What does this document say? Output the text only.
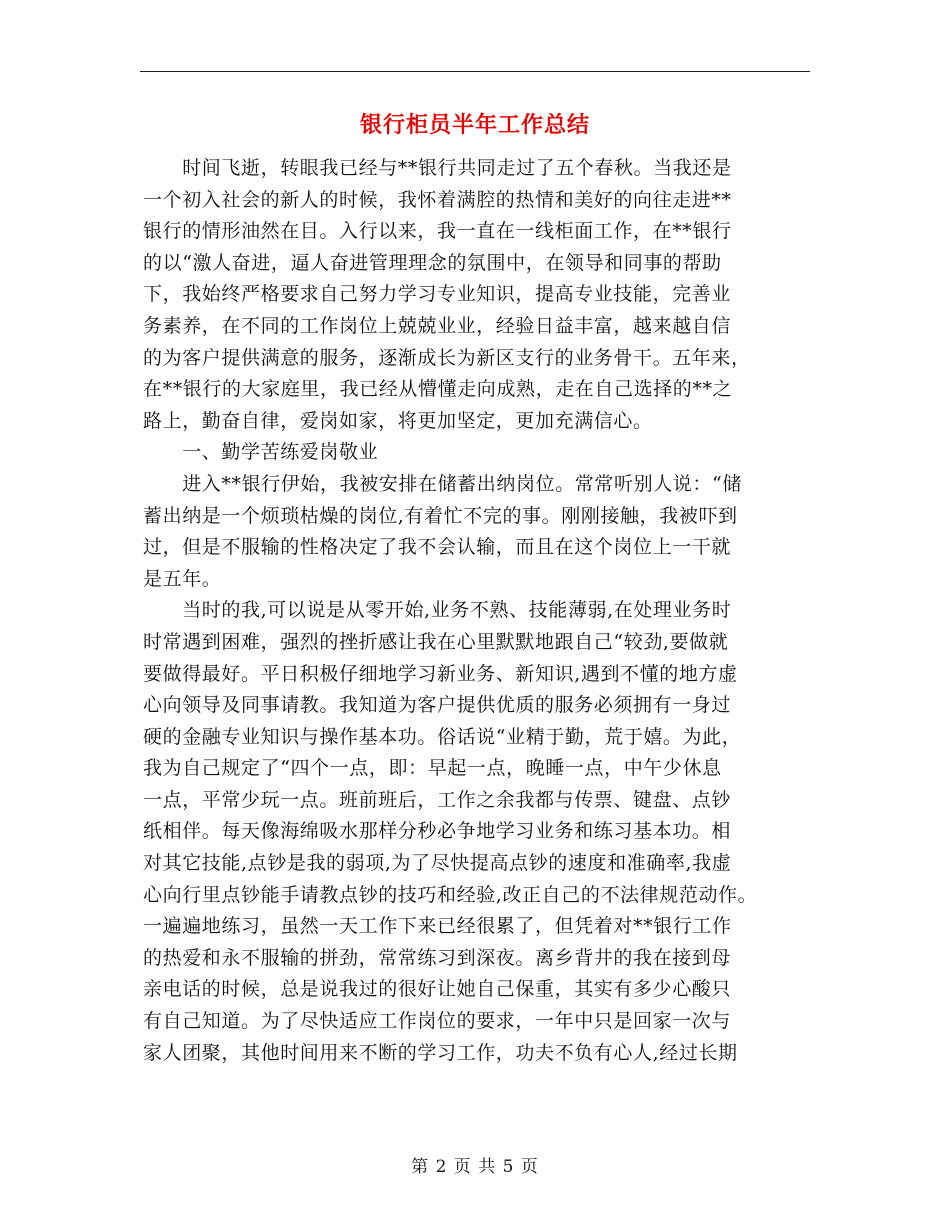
银行柜员半年工作总结
　　时间飞逝，转眼我已经与**银行共同走过了五个春秋。当我还是
一个初入社会的新人的时候，我怀着满腔的热情和美好的向往走进**
银行的情形油然在目。入行以来，我一直在一线柜面工作，在**银行
的以“激人奋进，逼人奋进管理理念的氛围中，在领导和同事的帮助
下，我始终严格要求自己努力学习专业知识，提高专业技能，完善业
务素养，在不同的工作岗位上兢兢业业，经验日益丰富，越来越自信
的为客户提供满意的服务，逐渐成长为新区支行的业务骨干。五年来，
在**银行的大家庭里，我已经从懵懂走向成熟，走在自己选择的**之
路上，勤奋自律，爱岗如家，将更加坚定，更加充满信心。
　　一、勤学苦练爱岗敬业
　　进入**银行伊始，我被安排在储蓄出纳岗位。常常听别人说：“储
蓄出纳是一个烦琐枯燥的岗位,有着忙不完的事。刚刚接触，我被吓到
过，但是不服输的性格决定了我不会认输，而且在这个岗位上一干就
是五年。
　　当时的我,可以说是从零开始,业务不熟、技能薄弱,在处理业务时
时常遇到困难，强烈的挫折感让我在心里默默地跟自己“较劲,要做就
要做得最好。平日积极仔细地学习新业务、新知识,遇到不懂的地方虚
心向领导及同事请教。我知道为客户提供优质的服务必须拥有一身过
硬的金融专业知识与操作基本功。俗话说“业精于勤，荒于嬉。为此，
我为自己规定了“四个一点，即：早起一点，晚睡一点，中午少休息
一点，平常少玩一点。班前班后，工作之余我都与传票、键盘、点钞
纸相伴。每天像海绵吸水那样分秒必争地学习业务和练习基本功。相
对其它技能,点钞是我的弱项,为了尽快提高点钞的速度和准确率,我虚
心向行里点钞能手请教点钞的技巧和经验,改正自己的不法律规范动作。
一遍遍地练习，虽然一天工作下来已经很累了，但凭着对**银行工作
的热爱和永不服输的拼劲，常常练习到深夜。离乡背井的我在接到母
亲电话的时候，总是说我过的很好让她自己保重，其实有多少心酸只
有自己知道。为了尽快适应工作岗位的要求，一年中只是回家一次与
家人团聚，其他时间用来不断的学习工作，功夫不负有心人,经过长期
第 2 页 共 5 页
